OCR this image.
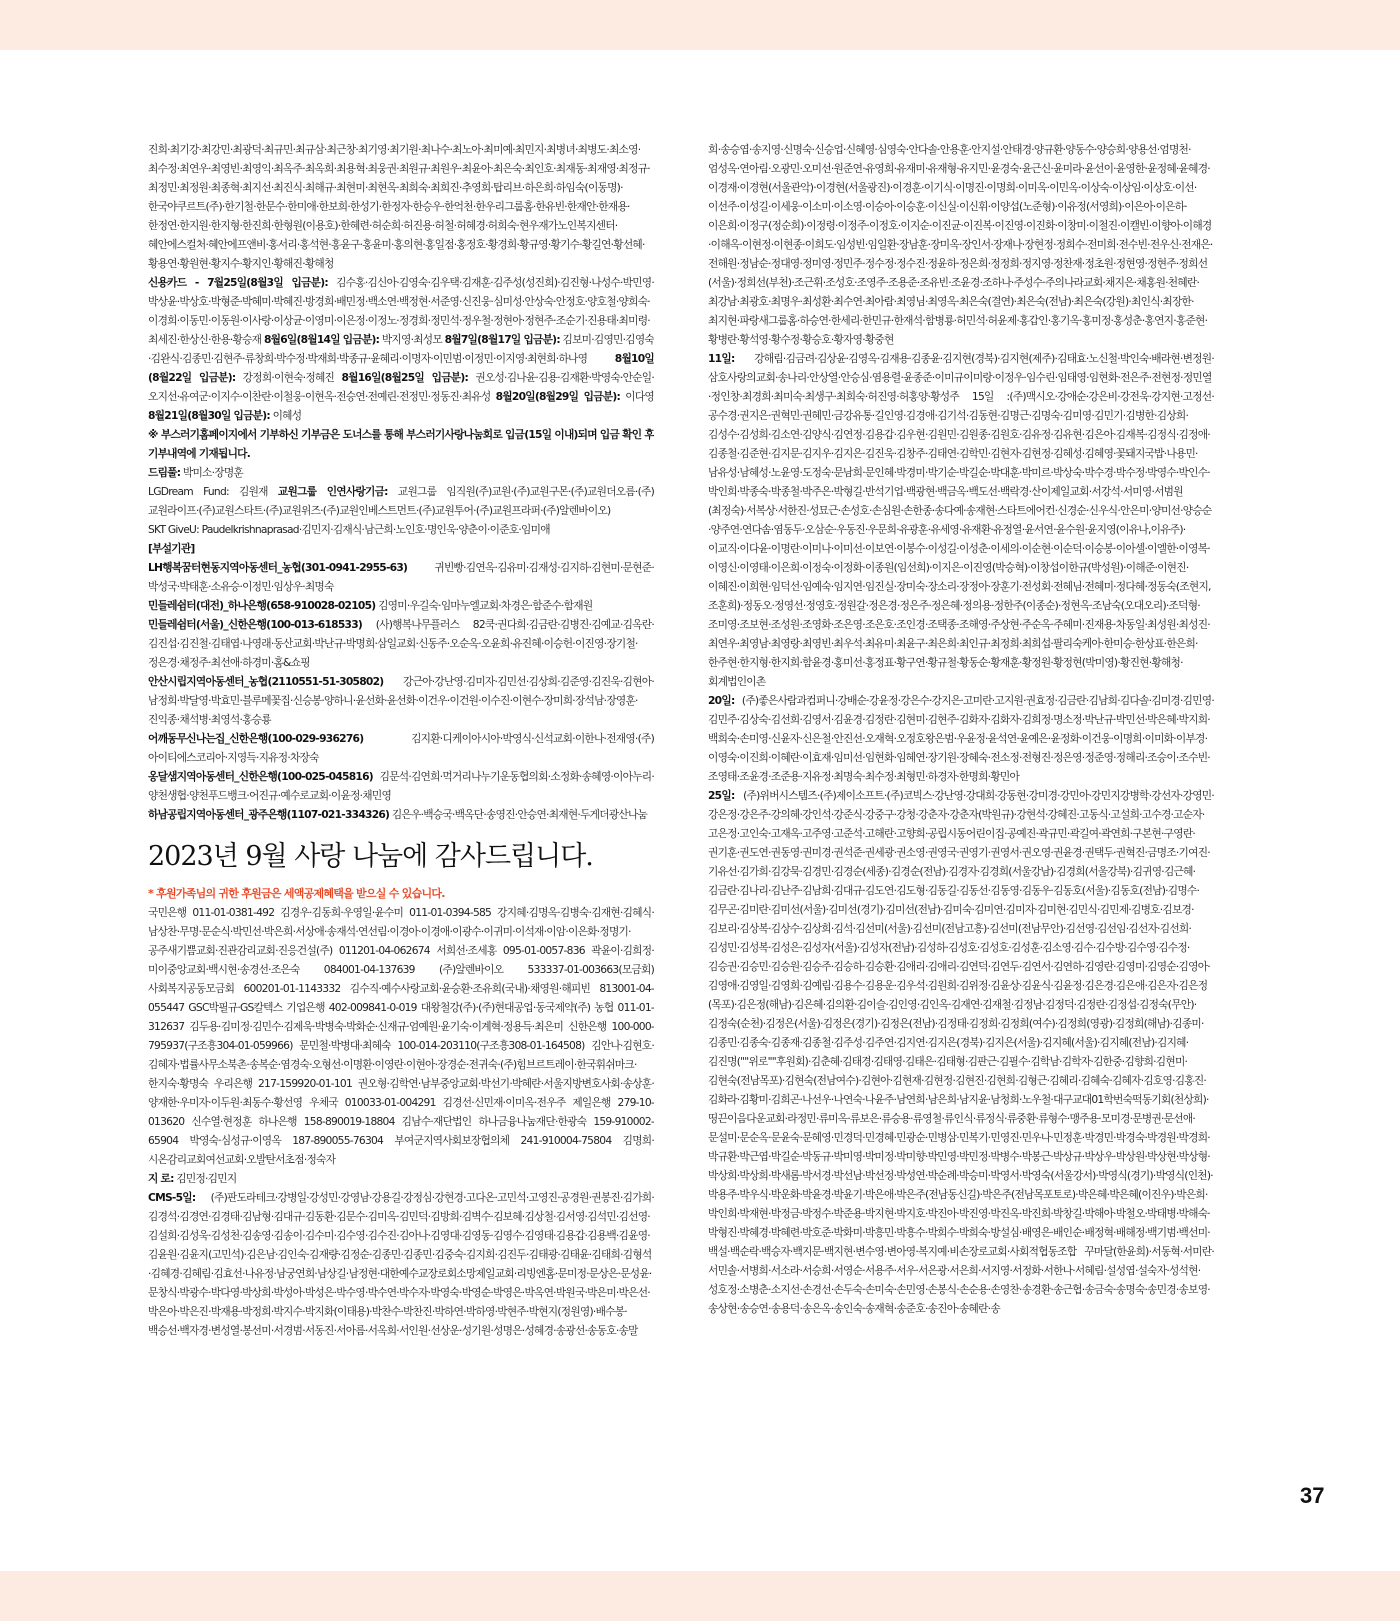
진희·최기강·최강민·최광덕·최규민·최규삼·최근창·최기영·최기원·최나수·최노아·최미예·최민지·최병녀·최병도·최소영·최수정·최연우·최영빈·최영익·최옥주·최옥희·최용혁·최웅권·최원규·최원우·최윤아·최은숙·최인호·최재동·최재영·최정규·최정민·최정원·최종혁·최지선·최진식·최해규·최현미·최현옥·최희숙·최희진·추영희·탑리브·하은희·하임숙(이동명)·한국야쿠르트(주)·한기철·한문수·한미애·한보희·한성기·한정자·한승우·한억천·한우리그룹홈·한유빈·한재안·한재용·한정연·한지원·한지형·한진희·한형원(이용호)·한혜련·허순희·허진용·허철·허혜경·허희숙·현우재가노인복지센터·혜안에스컬처·혜안에프앤비·홍서리·홍석현·홍윤구·홍윤미·홍의현·홍일점·홍정호·황경희·황규영·황기수·황길연·황선혜·황용연·황원현·황지수·황지인·황해진·황해청

신용카드 - 7월25일(8월3일 입금분): 김수홍·김신아·김영숙·김우택·김재훈·김주성(성진희)·김진형·나성수·박민영·박상윤·박상호·박형준·박혜미·박혜진·방경희·배민정·백소연·백정현·서준영·신진웅·심미성·안상숙·안정호·양호철·양희숙·이경희·이동민·이동원·이사랑·이상균·이영미·이은정·이정노·정경희·정민석·정우철·정현아·정현주·조순기·진용태·최미령·최세진·한상신·한용·황승재 8월6일(8월14일 입금분): 박지영·최성모 8월7일(8월17일 입금분): 김보미·김영민·김영숙·김완식·김종민·김현주·류창희·박수정·박재희·박종규·윤혜리·이명자·이민범·이정민·이지영·최현희·하나영	8월10일(8월22일 입금분): 강정희·이현숙·정혜진 8월16일(8월25일 입금분): 권오성·김나윤·김용·김재환·박영숙·안순일·오지선·유여군·이지수·이찬란·이철웅·이현옥·전승연·전예린·전정민·정동진·최유성 8월20일(8월29일 입금분): 이다영 8월21일(8월30일 입금분): 이혜성

※ 부스러기홈페이지에서 기부하신 기부금은 도너스를 통해 부스러기사랑나눔회로 입금(15일 이내)되며 입금 확인 후 기부내역에 기재됩니다.

드림풀: 박미소·장명훈

LGDream Fund: 김원재 교원그룹 인연사랑기금: 교원그룹 임직원(주)교원·(주)교원구몬·(주)교원더오름·(주)교원라이프·(주)교원스타트·(주)교원위즈·(주)교원인베스트먼트·(주)교원투어·(주)교원프라퍼·(주)알렌바이오)

SKT GiveU: Paudelkrishnaprasad·김민지·김재식·남근희·노인호·명인욱·양춘이·이준호·임미애

[부설기관]

LH행복꿈터현동지역아동센터_농협(301-0941-2955-63)	귀빈빵·김연옥·김유미·김재성·김지하·김현미·문현준·박성국·박태훈·소유승·이정민·임상우·최명숙

민들레쉼터(대전)_하나은행(658-910028-02105) 김영미·우길숙·임마누엘교회·차경은·함준수·함재원

민들레쉼터(서울)_신한은행(100-013-618533) (사)행복나무플러스 82쿡·권다희·김금란·김병진·김예교·김옥란·김진섭·김진철·김태엽·나영래·동산교회·박난규·박명희·삼일교회·신동주·오순옥·오윤희·유진혜·이승헌·이진영·장기철·정은경·채정주·최선애·하경미·홈&쇼핑

안산시립지역아동센터_농협(2110551-51-305802) 강근아·강난영·김미자·김민선·김상희·김준영·김진욱·김현아·남정희·박달영·박효민·블루메꽃집·신승봉·양하니·윤선화·윤선화·이건우·이건원·이수진·이현수·장미희·장석남·장영훈·진익종·채석병·최영석·홍승룡

어깨동무신나는집_신한은행(100-029-936276)	김지환·디케이아시아·박영식·신석교회·이한나·전재영·(주)아이티에스코리아·지영득·지유정·차장숙

옹달샘지역아동센터_신한은행(100-025-045816) 김문석·김연희·먹거리나누기운동협의회·소정화·송혜영·이아누리·양천생협·양천푸드뱅크·어진규·예수로교회·이윤정·채민영

하남공립지역아동센터_광주은행(1107-021-334326) 김은우·백승국·백옥단·송영진·안승연·최재현·두게더광산나눔

2023년 9월 사랑 나눔에 감사드립니다.

* 후원가족님의 귀한 후원금은 세액공제혜택을 받으실 수 있습니다.

국민은행 011-01-0381-492 김경우·김동희·우영일·윤수미 011-01-0394-585 강지혜·김명옥·김병숙·김재현·김혜식·남상찬·무명·문순식·박민선·박은희·서상애·송재석·연선림·이경아·이경애·이광수·이귀미·이석재·이암·이은화·정명기·공주새기쁨교회·진관감리교회·진응건설(주) 011201-04-062674 서희선·조세홍 095-01-0057-836 곽윤이·김희정·미이중앙교회·백시현·송경선·조은숙 084001-04-137639 (주)알렌바이오 533337-01-003663(모금회) 사회복지공동모금회 600201-01-1143332 김수직·예수사랑교회·윤승환·조유희(국내)·채영원·해피빈 813001-04-055447 GSC박필규·GS칼텍스 기업은행 402-009841-0-019 대왕철강(주)·(주)현대공업·동국제약(주) 농협 011-01-312637 김두용·김미정·김민수·김제욱·박병숙·박화순·신재규·엄예원·윤기숙·이계혁·정용득·최은미 신한은행 100-000-795937(구조흥304-01-059966) 문민철·박병대·최혜숙 100-014-203110(구조흥308-01-164508) 김안나·김현호·김혜자·법률사무소북촌·송복순·염경숙·오형선·이명환·이영란·이현아·장경순·전귀숙·(주)힘브르트레이·한국휘쉬마크·한지숙·황명숙 우리은행 217-159920-01-101 권오형·김학연·남부중앙교회·박선기·박혜란·서울지방변호사회·송상훈·양재한·우미자·이두원·최동수·황선영 우체국 010033-01-004291 김경선·신민재·이미옥·전우주 제일은행 279-10-013620 신수열·현정훈 하나은행 158-890019-18804 김남수·재단법인 하나금융나눔재단·한광숙 159-910002-65904 박영숙·심성규·이영옥 187-890055-76304 부여군지역사회보장협의체 241-910004-75804 김명희·시온감리교회여선교회·오발탄서초점·정숙자

지 로: 김민정·김민지

CMS-5일: (주)판도라테크·강병일·강성민·강영남·강용길·강정심·강현경·고다온·고민석·고영진·공경원·권봉진·김가희·김경석·김경연·김경태·김남형·김대규·김동환·김문수·김미옥·김민덕·김방희·김벽수·김보혜·김상철·김서영·김석민·김선영·김설희·김성욱·김성천·김송영·김송이·김수미·김수영·김수진·김아나·김영대·김영동·김영수·김영태·김용갑·김용백·김윤영·김윤원·김윤지(고민석)·김은남·김인숙·김재량·김정순·김종민·김종민·김중숙·김지희·김진두·김태광·김태윤·김태희·김형석·김혜경·김혜림·김효선·나유정·남궁연희·남상길·남정현·대한예수교장로회소망제일교회·리빙엔홈·문미정·문상은·문성윤·문창식·박광수·박다영·박상희·박성아·박성은·박수영·박수연·박수자·박영숙·박영순·박영은·박옥연·박원국·박은미·박은선·박은아·박은진·박재용·박정희·박지수·박지화(이태용)·박찬수·박찬진·박하연·박하영·박현주·박현지(정원영)·배수봉·백승선·백자경·변성열·봉선미·서경범·서동진·서아름·서옥희·서인원·선상운·성기원·성명은·성혜경·송광선·송동호·송말

희·송승엽·송지영·신명숙·신승업·신혜영·심영숙·안다솔·안용훈·안지설·안태경·양규환·양동수·양승희·양용선·엄명천·엄성옥·연아림·오광민·오미선·원준연·유영희·유재미·유재형·유지민·윤경숙·윤근신·윤미라·윤선이·윤영한·윤정혜·윤혜경·이경재·이경현(서울관악)·이경현(서울광진)·이경훈·이기식·이명진·이명희·이미옥·이민옥·이상숙·이상임·이상호·이선·이선주·이성길·이세웅·이소미·이소영·이승아·이승훈·이신실·이신휘·이양섭(노준형)·이유정(서영희)·이은아·이은하·이은희·이정구(정순희)·이정령·이정주·이정호·이지순·이진균·이진복·이진영·이진화·이창미·이철진·이캘빈·이향아·이해경·이해옥·이현정·이현종·이희도·임성빈·임일환·장남훈·장미옥·장인서·장재나·장현정·정희수·전미희·전수빈·전우신·전재은·전해원·정남순·정대영·정미영·정민주·정수정·정수진·정윤하·정은희·정정희·정지영·정찬재·정초원·정현영·정현주·정희선(서울)·정희선(부천)·조근휘·조성호·조영주·조용준·조유빈·조윤경·조하나·주성수·주의나라교회·채지은·채홍원·천혜란·최강남·최광호·최명우·최성환·최수연·최아람·최영님·최영옥·최은숙(결연)·최은숙(전남)·최은숙(강원)·최인식·최장한·최지현·파랑새그룹홈·하승연·한세리·한민규·한재석·함병룡·허민석·허윤제·홍갑인·홍기옥·홍미정·홍성춘·홍연지·홍준현·황병란·황석영·황수정·황승호·황자영·황중현

11일: 강해림·김금려·김상윤·김영옥·김재용·김종윤·김지현(경북)·김지현(제주)·김태효·노신철·박인숙·배라현·변정원·삼호사랑의교회·송나리·안상열·안승심·염용렬·윤종준·이미규이미랑·이정우·임수린·임태영·임현화·전은주·전현정·정민열·정인창·최경희·최미숙·최생구·최희숙·허진영·허홍양·황성주 15일 :(주)맥시오·강애순·강은비·강전욱·강지현·고정선·공수경·권지은·권혁민·권혜민·금강유통·길인영·김경애·김기석·김동현·김명근·김명숙·김미영·김민기·김병한·김상희·김성수·김성희·김소연·김양식·김연정·김용갑·김우현·김원민·김원종·김원호·김유정·김유현·김은아·김재복·김정식·김정애·김종철·김준현·김지문·김지우·김지은·김진욱·김창주·김태연·김학민·김현자·김현정·김혜성·김혜영·꽃돼지국밥·나용민·남유성·남혜성·노윤영·도정숙·문남희·문인혜·박경미·박기순·박길순·박대훈·박미르·박상숙·박수경·박수정·박영수·박인수·박인희·박종숙·박종철·박주은·박형길·반석기업·백광현·백금옥·백도선·백락경·산이제일교회·서강석·서미영·서범원(최정숙)·서복상·서한진·성묘근·손성호·손심원·손한종·송다예·송재현·스타트에어컨·신경순·신우식·안은미·양미선·양승순·양주연·연다솜·염동두·오삼순·우동진·우문희·유광훈·유세영·유재환·유정열·윤서연·윤수원·윤지영(이유나,이유주)·이교직·이다윤·이명란·이미나·이미선·이보연·이봉수·이성길·이성춘·이세의·이순현·이순덕·이승봉·이아셀·이엘한·이영복·이영신·이영태·이은희·이정숙·이정화·이종원(임선희)·이지은·이진영(박승혁)·이창섭이한규(박성원)·이해준·이현진·이혜진·이희현·임덕선·임예숙·임지연·임진실·장미숙·장소리·장정아·장훈기·전성회·전혜님·전혜미·정다혜·정동숙(조현지,조훈희)·정동오·정영선·정영호·정원갈·정은경·정은주·정은혜·정의용·정한주(이종순)·정현옥·조남숙(오대오리)·조덕형·조미영·조보현·조성원·조영화·조은영·조은호·조인경·조택종·조해영·주상현·주순옥·주혜미·진재용·차동일·최성원·최성진·최연우·최영남·최영랑·최영빈·최우석·최유미·최윤구·최은희·최인규·최정희·최희섭·팔리숙케아·한미승·한상표·한은희·한주현·한지형·한지희·함윤경·홍미선·홍정표·황구연·황규철·황동순·황재훈·황정원·황정현(박미영)·황진현·황해청·회계법인이촌

20일: (주)좋은사람과컴퍼니·강배순·강윤정·강은수·강지은·고미란·고지원·권효정·김금란·김남희·김다솔·김미경·김민영·김민주·김상숙·김선희·김영서·김윤경·김정란·김현미·김현주·김화자·김화자·김희정·명소정·박난규·박민선·박은혜·박지희·백희숙·손미영·신윤자·신은철·안진선·오재혁·오정호왕은범·우윤정·윤석연·윤예은·윤정화·이건웅·이명희·이미화·이부경·이영숙·이진희·이혜란·이효재·임미선·임현화·임혜연·장기원·장혜숙·전소정·전형진·정은영·정준영·정해리·조승이·조수빈·조영태·조윤경·조준용·지유정·최명숙·최수정·최형민·하경자·한명희·황민아

25일: (주)위버시스템즈·(주)제이소프트·(주)코빅스·강난영·강대희·강동현·강미경·강민아·강민지강병학·강선자·강영민·강은정·강은주·강의혜·강인석·강준식·강중구·강청·강춘자·강춘자(박원규)·강현석·강혜진·고동식·고설희·고수경·고순자·고은정·고인숙·고재옥·고주영·고준석·고해란·고향희·공립시동어린이집·공예진·곽규민·곽길여·곽연희·구본현·구영란·권기훈·권도연·권동영·권미경·권석준·권세광·권소영·권영국·권영기·권영서·권오영·권윤경·권택두·권혁진·금명조·기여진·기유선·김가희·김강묵·김경민·김경순(세종)·김경순(전남)·김경자·김경희(서울강남)·김경희(서울강북)·김귀영·김근혜·김금란·김나리·김난주·김남희·김대규·김도연·김도형·김동길·김동선·김동영·김동우·김동호(서울)·김동호(전남)·김명수·김무곤·김미란·김미선(서울)·김미선(경기)·김미선(전남)·김미숙·김미연·김미자·김미현·김민식·김민제·김병호·김보경·김보리·김상복·김상수·김상희·김석·김선미(서울)·김선미(전남고흥)·김선미(전남무안)·김선영·김선임·김선자·김선희·김성민·김성복·김성은·김성자(서울)·김성자(전남)·김성하·김성호·김성호·김성훈·김소영·김수·김수방·김수영·김수정·김승권·김승민·김승원·김승주·김승하·김승환·김애리·김애리·김연덕·김연두·김연서·김연하·김영란·김영미·김영순·김영아·김영애·김영일·김영희·김예림·김용수·김용운·김우석·김원희·김위정·김윤상·김윤식·김윤정·김은경·김은애·김은자·김은정(목포)·김은정(해남)·김은혜·김의환·김이슬·김인영·김인옥·김재연·김재철·김정남·김정덕·김정란·김정섭·김정숙(무안)·김정숙(순천)·김정은(서울)·김정은(경기)·김정은(전남)·김정태·김정희·김정희(여수)·김정희(영광)·김정희(해남)·김종미·김종민·김종숙·김종재·김종철·김주성·김주연·김지연·김지은(경북)·김지은(서울)·김지혜(서울)·김지혜(전남)·김지혜·김진명(""위로""후원회)·김춘혜·김태경·김태영·김태은·김태형·김판근·김필수·김학남·김학자·김한중·김향희·김현미·김현숙(전남목포)·김현숙(전남여수)·김현아·김현재·김현정·김현진·김현희·김형근·김혜리·김혜숙·김혜자·김호영·김홍진·김화라·김황미·김희곤·나선우·나연숙·나윤주·남연희·남은희·남지윤·남청희·노우철·대구교대01학번숙떡동기회(천상희)·띵끈이음다운교회·라정민·류미옥·류보은·류승용·류영철·류인식·류정식·류중환·류형수·맹주용·모미경·문병권·문선애·문설미·문순옥·문윤숙·문혜영·민경덕·민경혜·민광순·민병삼·민복기·민영진·민우나·민정훈·박경민·박경숙·박경원·박경희·박규환·박근엽·박길순·박동규·박미영·박미정·박미향·박민영·박민정·박병수·박봉근·박상규·박상우·박상원·박상현·박상형·박상희·박상희·박새롬·박서경·박선남·박선정·박성연·박순례·박승미·박영서·박영숙(서울강서)·박영식(경기)·박영식(인천)·박용주·박우식·박운화·박윤경·박윤기·박은애·박은주(전남동신길)·박은주(전남목포토로)·박은혜·박은혜(이진우)·박은희·박인희·박재현·박정금·박정수·박준용·박지현·박지호·박진아·박진영·박진옥·박진희·박창길·박해아·박철오·박태병·박해숙·박형진·박혜경·박혜련·박호준·박화미·박흥민·박흥수·박희수·박희숙·방설심·배영은·배인순·배정혁·배해정·백기범·백선미·백설·백순락·백승자·백지문·백지현·변수영·변아영·복지예·비손장로교회·사회적협동조합 꾸마달(한윤희)·서동혁·서미란·서민솔·서병희·서소라·서승희·서영순·서용주·서우·서은광·서은희·서지영·서정화·서한나·서혜림·설성엽·설숙자·성석현·성호정·소병춘·소지선·손경선·손두숙·손미숙·손민영·손봉식·손순용·손영찬·송경환·송근협·송금숙·송명숙·송민경·송보영·송상현·송승연·송용덕·송은옥·송인숙·송재혁·송준호·송진아·송혜란·송

37
